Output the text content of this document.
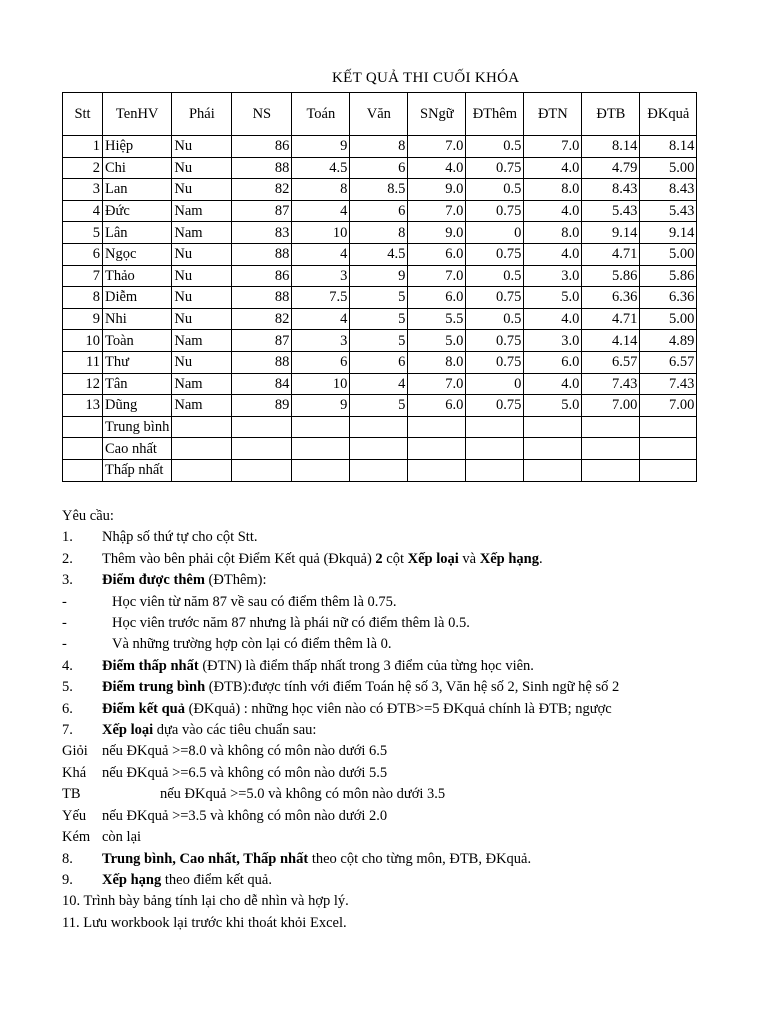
KẾT QUẢ THI CUỐI KHÓA
Stt	TenHV	Phái	NS	Toán	Văn	SNgữ	ĐThêm	ĐTN	ĐTB	ĐKquả
1	Hiệp	Nu	86	9	8	7.0	0.5	7.0	8.14	8.14
2	Chi	Nu	88	4.5	6	4.0	0.75	4.0	4.79	5.00
3	Lan	Nu	82	8	8.5	9.0	0.5	8.0	8.43	8.43
4	Đức	Nam	87	4	6	7.0	0.75	4.0	5.43	5.43
5	Lân	Nam	83	10	8	9.0	0	8.0	9.14	9.14
6	Ngọc	Nu	88	4	4.5	6.0	0.75	4.0	4.71	5.00
7	Thảo	Nu	86	3	9	7.0	0.5	3.0	5.86	5.86
8	Diễm	Nu	88	7.5	5	6.0	0.75	5.0	6.36	6.36
9	Nhi	Nu	82	4	5	5.5	0.5	4.0	4.71	5.00
10	Toàn	Nam	87	3	5	5.0	0.75	3.0	4.14	4.89
11	Thư	Nu	88	6	6	8.0	0.75	6.0	6.57	6.57
12	Tân	Nam	84	10	4	7.0	0	4.0	7.43	7.43
13	Dũng	Nam	89	9	5	6.0	0.75	5.0	7.00	7.00
	Trung bình									
	Cao nhất									
	Thấp nhất									
Yêu cầu:
1. Nhập số thứ tự cho cột Stt.
2. Thêm vào bên phải cột Điểm Kết quả (Đkquả) 2 cột Xếp loại và Xếp hạng.
3. Điểm được thêm (ĐThêm):
-	Học viên từ năm 87 về sau có điểm thêm là 0.75.
-	Học viên trước năm 87 nhưng là phái nữ có điểm thêm là 0.5.
-	Và những trường hợp còn lại có điểm thêm là 0.
4. Điểm thấp nhất (ĐTN) là điểm thấp nhất trong 3 điểm của từng học viên.
5. Điểm trung bình (ĐTB):được tính với điểm Toán hệ số 3, Văn hệ số 2, Sinh ngữ hệ số 2
6. Điểm kết quả (ĐKquả) : những học viên nào có ĐTB>=5 ĐKquả chính là ĐTB; ngược
7. Xếp loại dựa vào các tiêu chuẩn sau:
Giỏi nếu ĐKquả >=8.0 và không có môn nào dưới 6.5
Khá nếu ĐKquả >=6.5 và không có môn nào dưới 5.5
TB	nếu ĐKquả >=5.0 và không có môn nào dưới 3.5
Yếu nếu ĐKquả >=3.5 và không có môn nào dưới 2.0
Kém còn lại
8. Trung bình, Cao nhất, Thấp nhất theo cột cho từng môn, ĐTB, ĐKquả.
9. Xếp hạng theo điểm kết quả.
10. Trình bày bảng tính lại cho dễ nhìn và hợp lý.
11. Lưu workbook lại trước khi thoát khỏi Excel.
